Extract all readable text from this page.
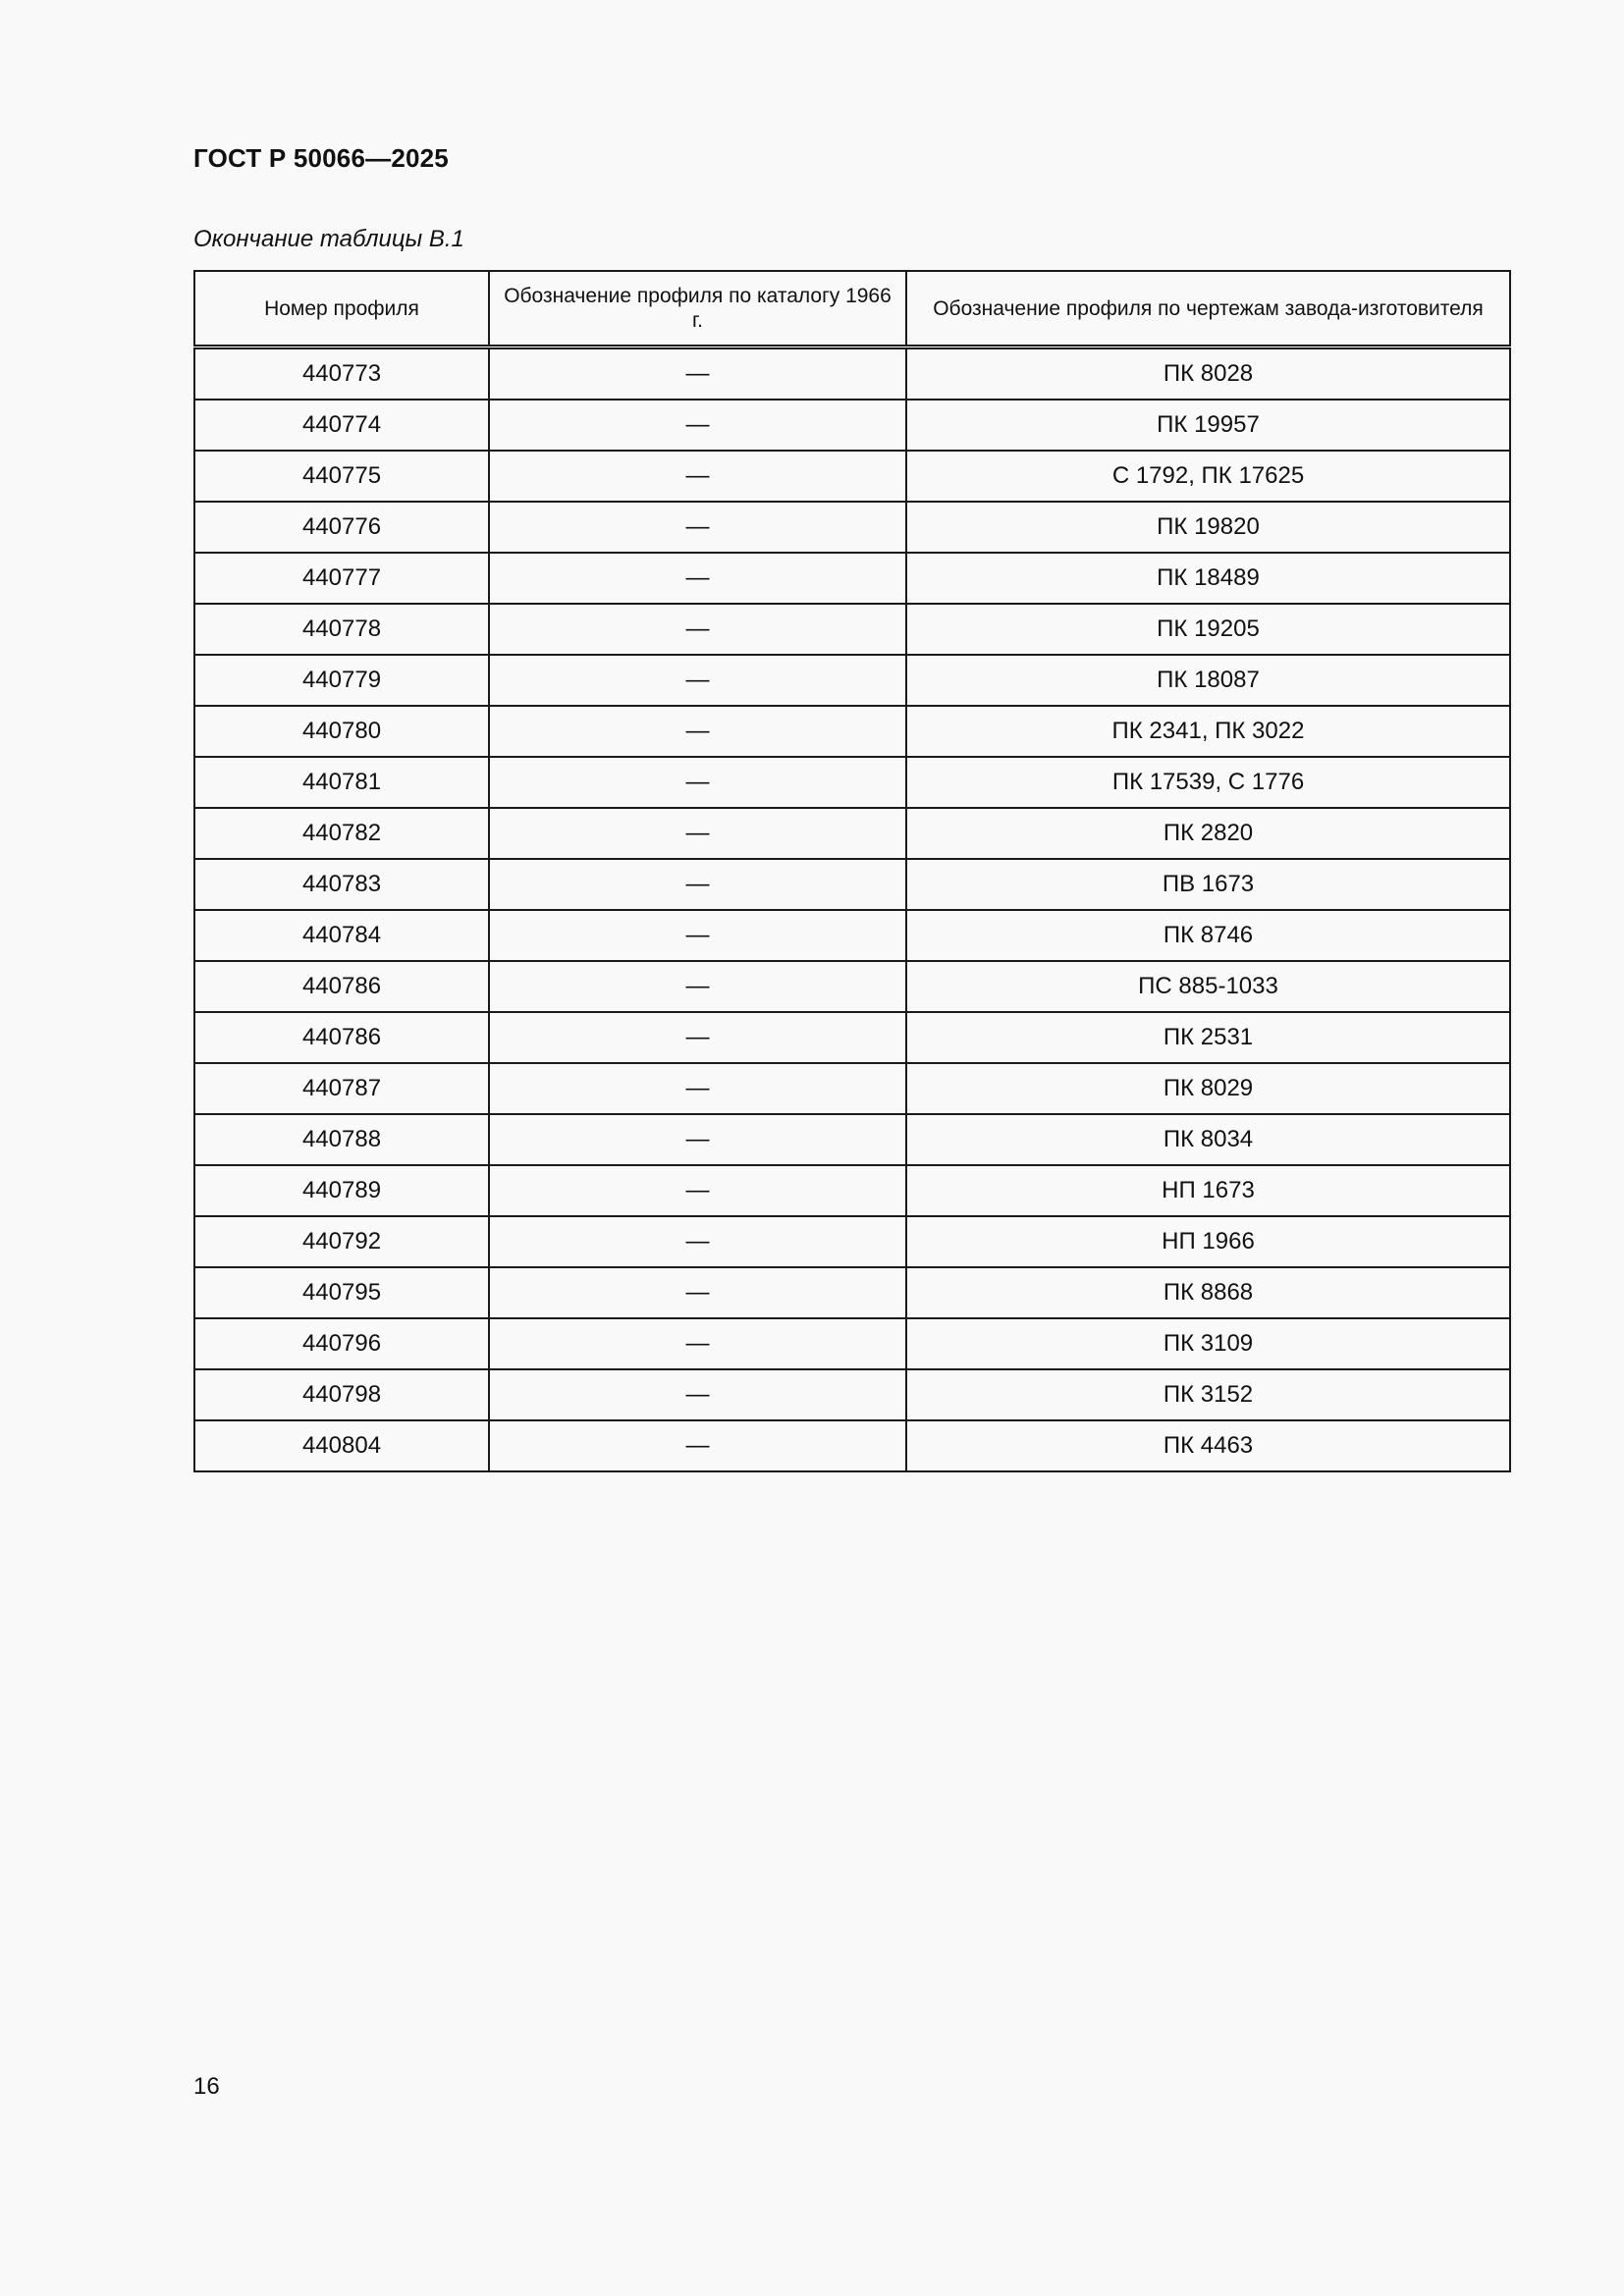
ГОСТ Р 50066—2025
Окончание таблицы В.1
Номер профиля	Обозначение профиля по каталогу 1966 г.	Обозначение профиля по чертежам завода-изготовителя
440773	—	ПК 8028
440774	—	ПК 19957
440775	—	С 1792, ПК 17625
440776	—	ПК 19820
440777	—	ПК 18489
440778	—	ПК 19205
440779	—	ПК 18087
440780	—	ПК 2341, ПК 3022
440781	—	ПК 17539, С 1776
440782	—	ПК 2820
440783	—	ПВ 1673
440784	—	ПК 8746
440786	—	ПС 885-1033
440786	—	ПК 2531
440787	—	ПК 8029
440788	—	ПК 8034
440789	—	НП 1673
440792	—	НП 1966
440795	—	ПК 8868
440796	—	ПК 3109
440798	—	ПК 3152
440804	—	ПК 4463
16
